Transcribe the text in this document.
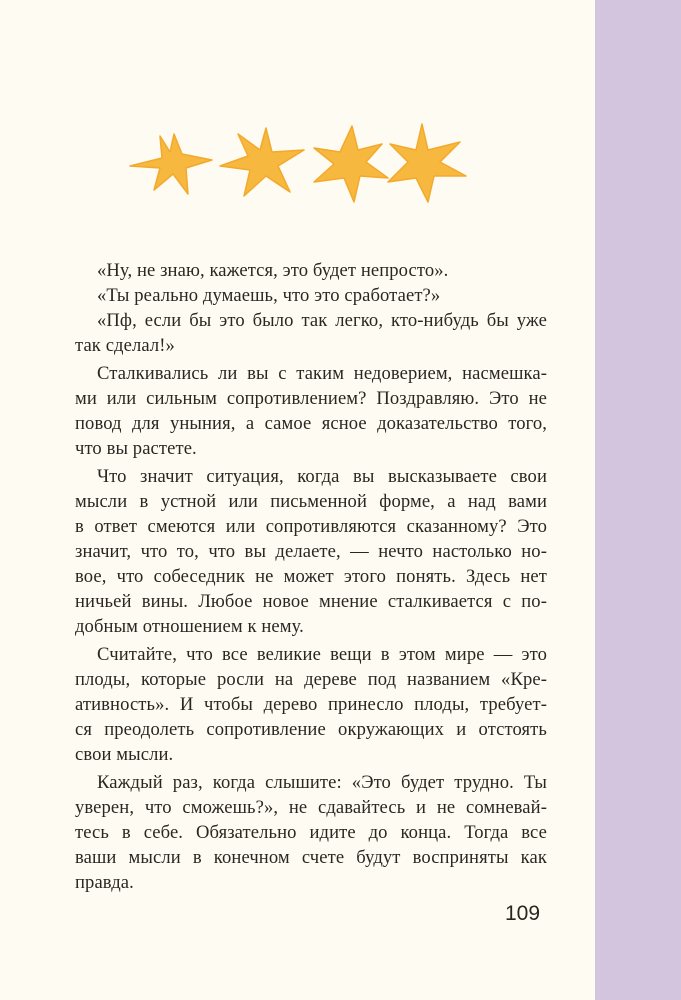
«Ну, не знаю, кажется, это будет непросто».

«Ты реально думаешь, что это сработает?»

«Пф, если бы это было так легко, кто-нибудь бы уже
так сделал!»

Сталкивались ли вы с таким недоверием, насмешка-
ми или сильным сопротивлением? Поздравляю. Это не
повод для уныния, а самое ясное доказательство того,
что вы растете.

Что значит ситуация, когда вы высказываете свои
мысли в устной или письменной форме, а над вами
в ответ смеются или сопротивляются сказанному? Это
значит, что то, что вы делаете, — нечто настолько но-
вое, что собеседник не может этого понять. Здесь нет
ничьей вины. Любое новое мнение сталкивается с по-
добным отношением к нему.

Считайте, что все великие вещи в этом мире — это
плоды, которые росли на дереве под названием «Кре-
ативность». И чтобы дерево принесло плоды, требует-
ся преодолеть сопротивление окружающих и отстоять
свои мысли.

Каждый раз, когда слышите: «Это будет трудно. Ты
уверен, что сможешь?», не сдавайтесь и не сомневай-
тесь в себе. Обязательно идите до конца. Тогда все
ваши мысли в конечном счете будут восприняты как
правда.

109
